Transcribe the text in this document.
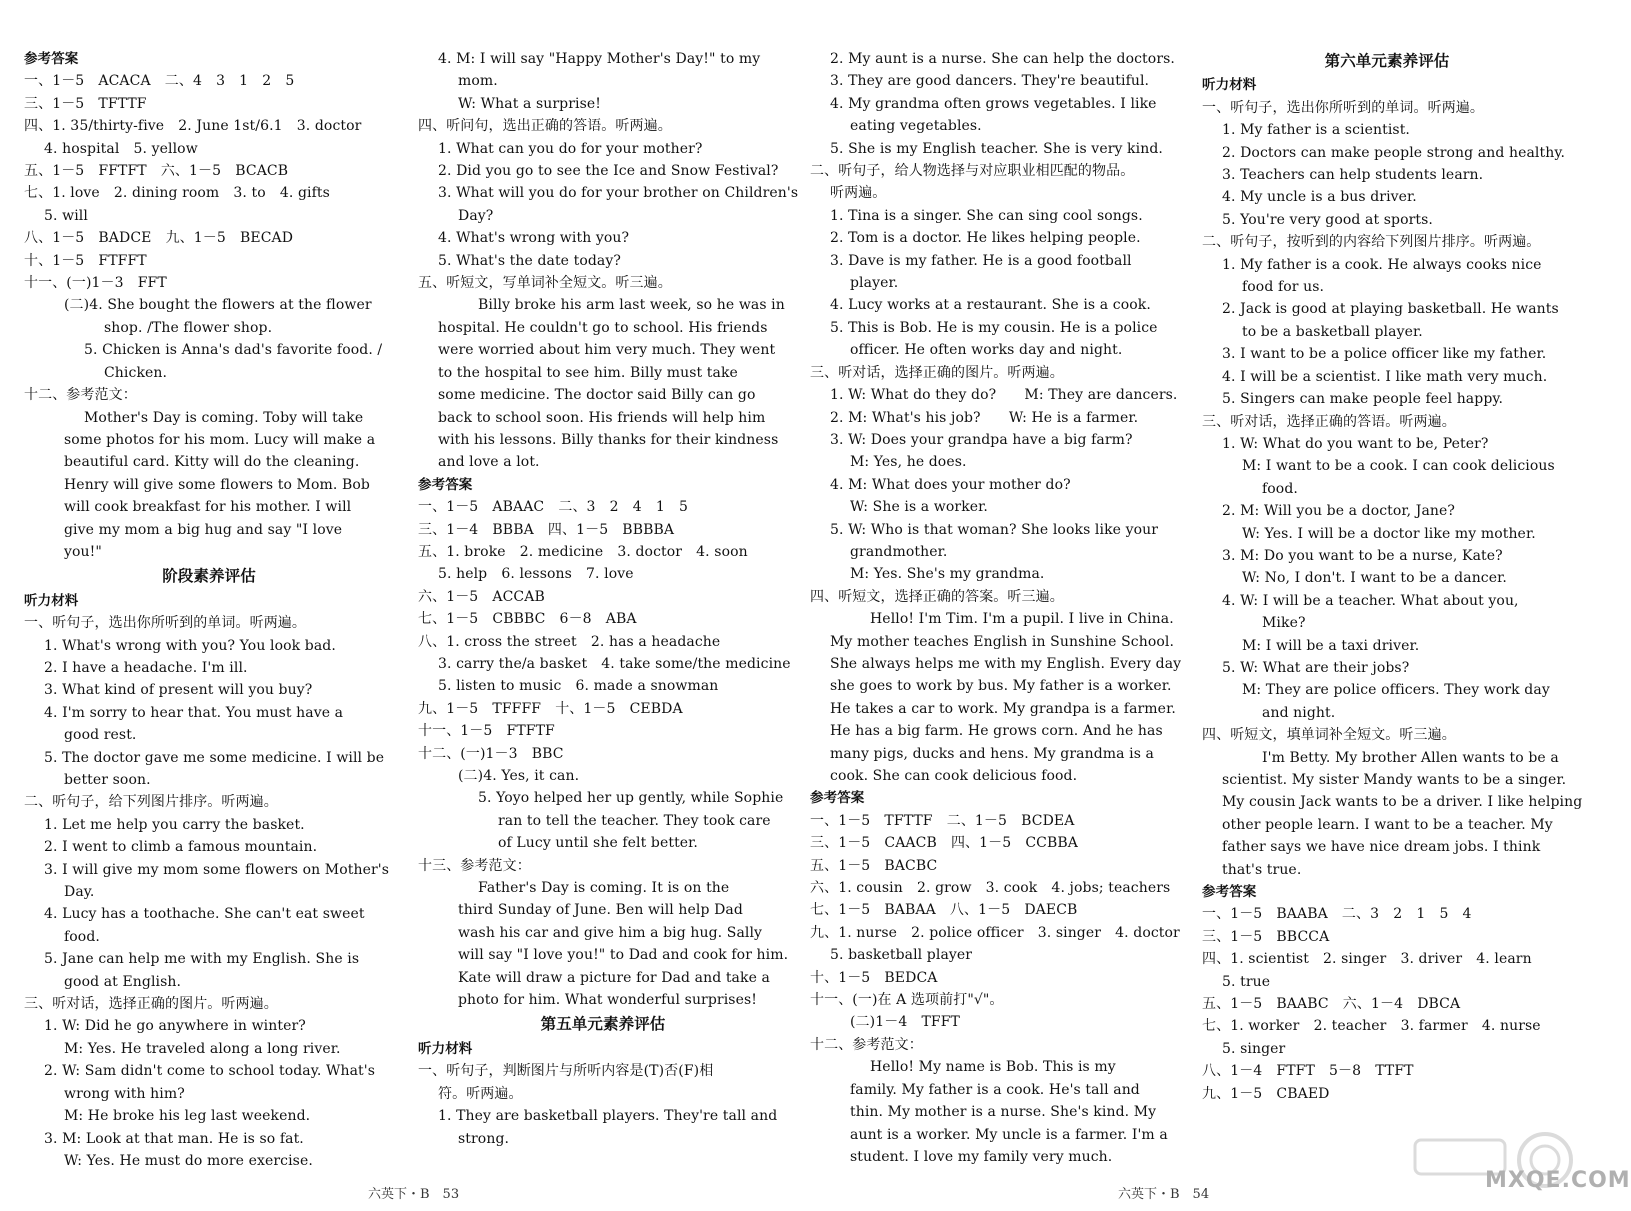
参考答案
一、1－5　ACACA　二、4　3　1　2　5
三、1－5　TFTTF
四、1. 35/thirty-five　2. June 1st/6.1　3. doctor
4. hospital　5. yellow
五、1－5　FFTFT　六、1－5　BCACB
七、1. love　2. dining room　3. to　4. gifts
5. will
八、1－5　BADCE　九、1－5　BECAD
十、1－5　FTFFT
十一、(一)1－3　FFT
(二)4. She bought the flowers at the flower
shop. /The flower shop.
5. Chicken is Anna's dad's favorite food. /
Chicken.
十二、参考范文：
Mother's Day is coming. Toby will take
some photos for his mom. Lucy will make a
beautiful card. Kitty will do the cleaning.
Henry will give some flowers to Mom. Bob
will cook breakfast for his mother. I will
give my mom a big hug and say "I love
you!"
阶段素养评估
听力材料
一、听句子，选出你所听到的单词。听两遍。
1. What's wrong with you? You look bad.
2. I have a headache. I'm ill.
3. What kind of present will you buy?
4. I'm sorry to hear that. You must have a
good rest.
5. The doctor gave me some medicine. I will be
better soon.
二、听句子，给下列图片排序。听两遍。
1. Let me help you carry the basket.
2. I went to climb a famous mountain.
3. I will give my mom some flowers on Mother's
Day.
4. Lucy has a toothache. She can't eat sweet
food.
5. Jane can help me with my English. She is
good at English.
三、听对话，选择正确的图片。听两遍。
1. W: Did he go anywhere in winter?
M: Yes. He traveled along a long river.
2. W: Sam didn't come to school today. What's
wrong with him?
M: He broke his leg last weekend.
3. M: Look at that man. He is so fat.
W: Yes. He must do more exercise.
4. M: I will say "Happy Mother's Day!" to my
mom.
W: What a surprise!
四、听问句，选出正确的答语。听两遍。
1. What can you do for your mother?
2. Did you go to see the Ice and Snow Festival?
3. What will you do for your brother on Children's
Day?
4. What's wrong with you?
5. What's the date today?
五、听短文，写单词补全短文。听三遍。
Billy broke his arm last week, so he was in
hospital. He couldn't go to school. His friends
were worried about him very much. They went
to the hospital to see him. Billy must take
some medicine. The doctor said Billy can go
back to school soon. His friends will help him
with his lessons. Billy thanks for their kindness
and love a lot.
参考答案
一、1－5　ABAAC　二、3　2　4　1　5
三、1－4　BBBA　四、1－5　BBBBA
五、1. broke　2. medicine　3. doctor　4. soon
5. help　6. lessons　7. love
六、1－5　ACCAB
七、1－5　CBBBC　6－8　ABA
八、1. cross the street　2. has a headache
3. carry the/a basket　4. take some/the medicine
5. listen to music　6. made a snowman
九、1－5　TFFFF　十、1－5　CEBDA
十一、1－5　FTFTF
十二、(一)1－3　BBC
(二)4. Yes, it can.
5. Yoyo helped her up gently, while Sophie
ran to tell the teacher. They took care
of Lucy until she felt better.
十三、参考范文：
Father's Day is coming. It is on the
third Sunday of June. Ben will help Dad
wash his car and give him a big hug. Sally
will say "I love you!" to Dad and cook for him.
Kate will draw a picture for Dad and take a
photo for him. What wonderful surprises!
第五单元素养评估
听力材料
一、听句子，判断图片与所听内容是(T)否(F)相
符。听两遍。
1. They are basketball players. They're tall and
strong.
2. My aunt is a nurse. She can help the doctors.
3. They are good dancers. They're beautiful.
4. My grandma often grows vegetables. I like
eating vegetables.
5. She is my English teacher. She is very kind.
二、听句子，给人物选择与对应职业相匹配的物品。
听两遍。
1. Tina is a singer. She can sing cool songs.
2. Tom is a doctor. He likes helping people.
3. Dave is my father. He is a good football
player.
4. Lucy works at a restaurant. She is a cook.
5. This is Bob. He is my cousin. He is a police
officer. He often works day and night.
三、听对话，选择正确的图片。听两遍。
1. W: What do they do?　　M: They are dancers.
2. M: What's his job?　　W: He is a farmer.
3. W: Does your grandpa have a big farm?
M: Yes, he does.
4. M: What does your mother do?
W: She is a worker.
5. W: Who is that woman? She looks like your
grandmother.
M: Yes. She's my grandma.
四、听短文，选择正确的答案。听三遍。
Hello! I'm Tim. I'm a pupil. I live in China.
My mother teaches English in Sunshine School.
She always helps me with my English. Every day
she goes to work by bus. My father is a worker.
He takes a car to work. My grandpa is a farmer.
He has a big farm. He grows corn. And he has
many pigs, ducks and hens. My grandma is a
cook. She can cook delicious food.
参考答案
一、1－5　TFTTF　二、1－5　BCDEA
三、1－5　CAACB　四、1－5　CCBBA
五、1－5　BACBC
六、1. cousin　2. grow　3. cook　4. jobs; teachers
七、1－5　BABAA　八、1－5　DAECB
九、1. nurse　2. police officer　3. singer　4. doctor
5. basketball player
十、1－5　BEDCA
十一、(一)在 A 选项前打"√"。
(二)1－4　TFFT
十二、参考范文：
Hello! My name is Bob. This is my
family. My father is a cook. He's tall and
thin. My mother is a nurse. She's kind. My
aunt is a worker. My uncle is a farmer. I'm a
student. I love my family very much.
第六单元素养评估
听力材料
一、听句子，选出你所听到的单词。听两遍。
1. My father is a scientist.
2. Doctors can make people strong and healthy.
3. Teachers can help students learn.
4. My uncle is a bus driver.
5. You're very good at sports.
二、听句子，按听到的内容给下列图片排序。听两遍。
1. My father is a cook. He always cooks nice
food for us.
2. Jack is good at playing basketball. He wants
to be a basketball player.
3. I want to be a police officer like my father.
4. I will be a scientist. I like math very much.
5. Singers can make people feel happy.
三、听对话，选择正确的答语。听两遍。
1. W: What do you want to be, Peter?
M: I want to be a cook. I can cook delicious
food.
2. M: Will you be a doctor, Jane?
W: Yes. I will be a doctor like my mother.
3. M: Do you want to be a nurse, Kate?
W: No, I don't. I want to be a dancer.
4. W: I will be a teacher. What about you,
Mike?
M: I will be a taxi driver.
5. W: What are their jobs?
M: They are police officers. They work day
and night.
四、听短文，填单词补全短文。听三遍。
I'm Betty. My brother Allen wants to be a
scientist. My sister Mandy wants to be a singer.
My cousin Jack wants to be a driver. I like helping
other people learn. I want to be a teacher. My
father says we have nice dream jobs. I think
that's true.
参考答案
一、1－5　BAABA　二、3　2　1　5　4
三、1－5　BBCCA
四、1. scientist　2. singer　3. driver　4. learn
5. true
五、1－5　BAABC　六、1－4　DBCA
七、1. worker　2. teacher　3. farmer　4. nurse
5. singer
八、1－4　FTFT　5－8　TTFT
九、1－5　CBAED
六英下・B　53	六英下・B　54
MXQE.COM
